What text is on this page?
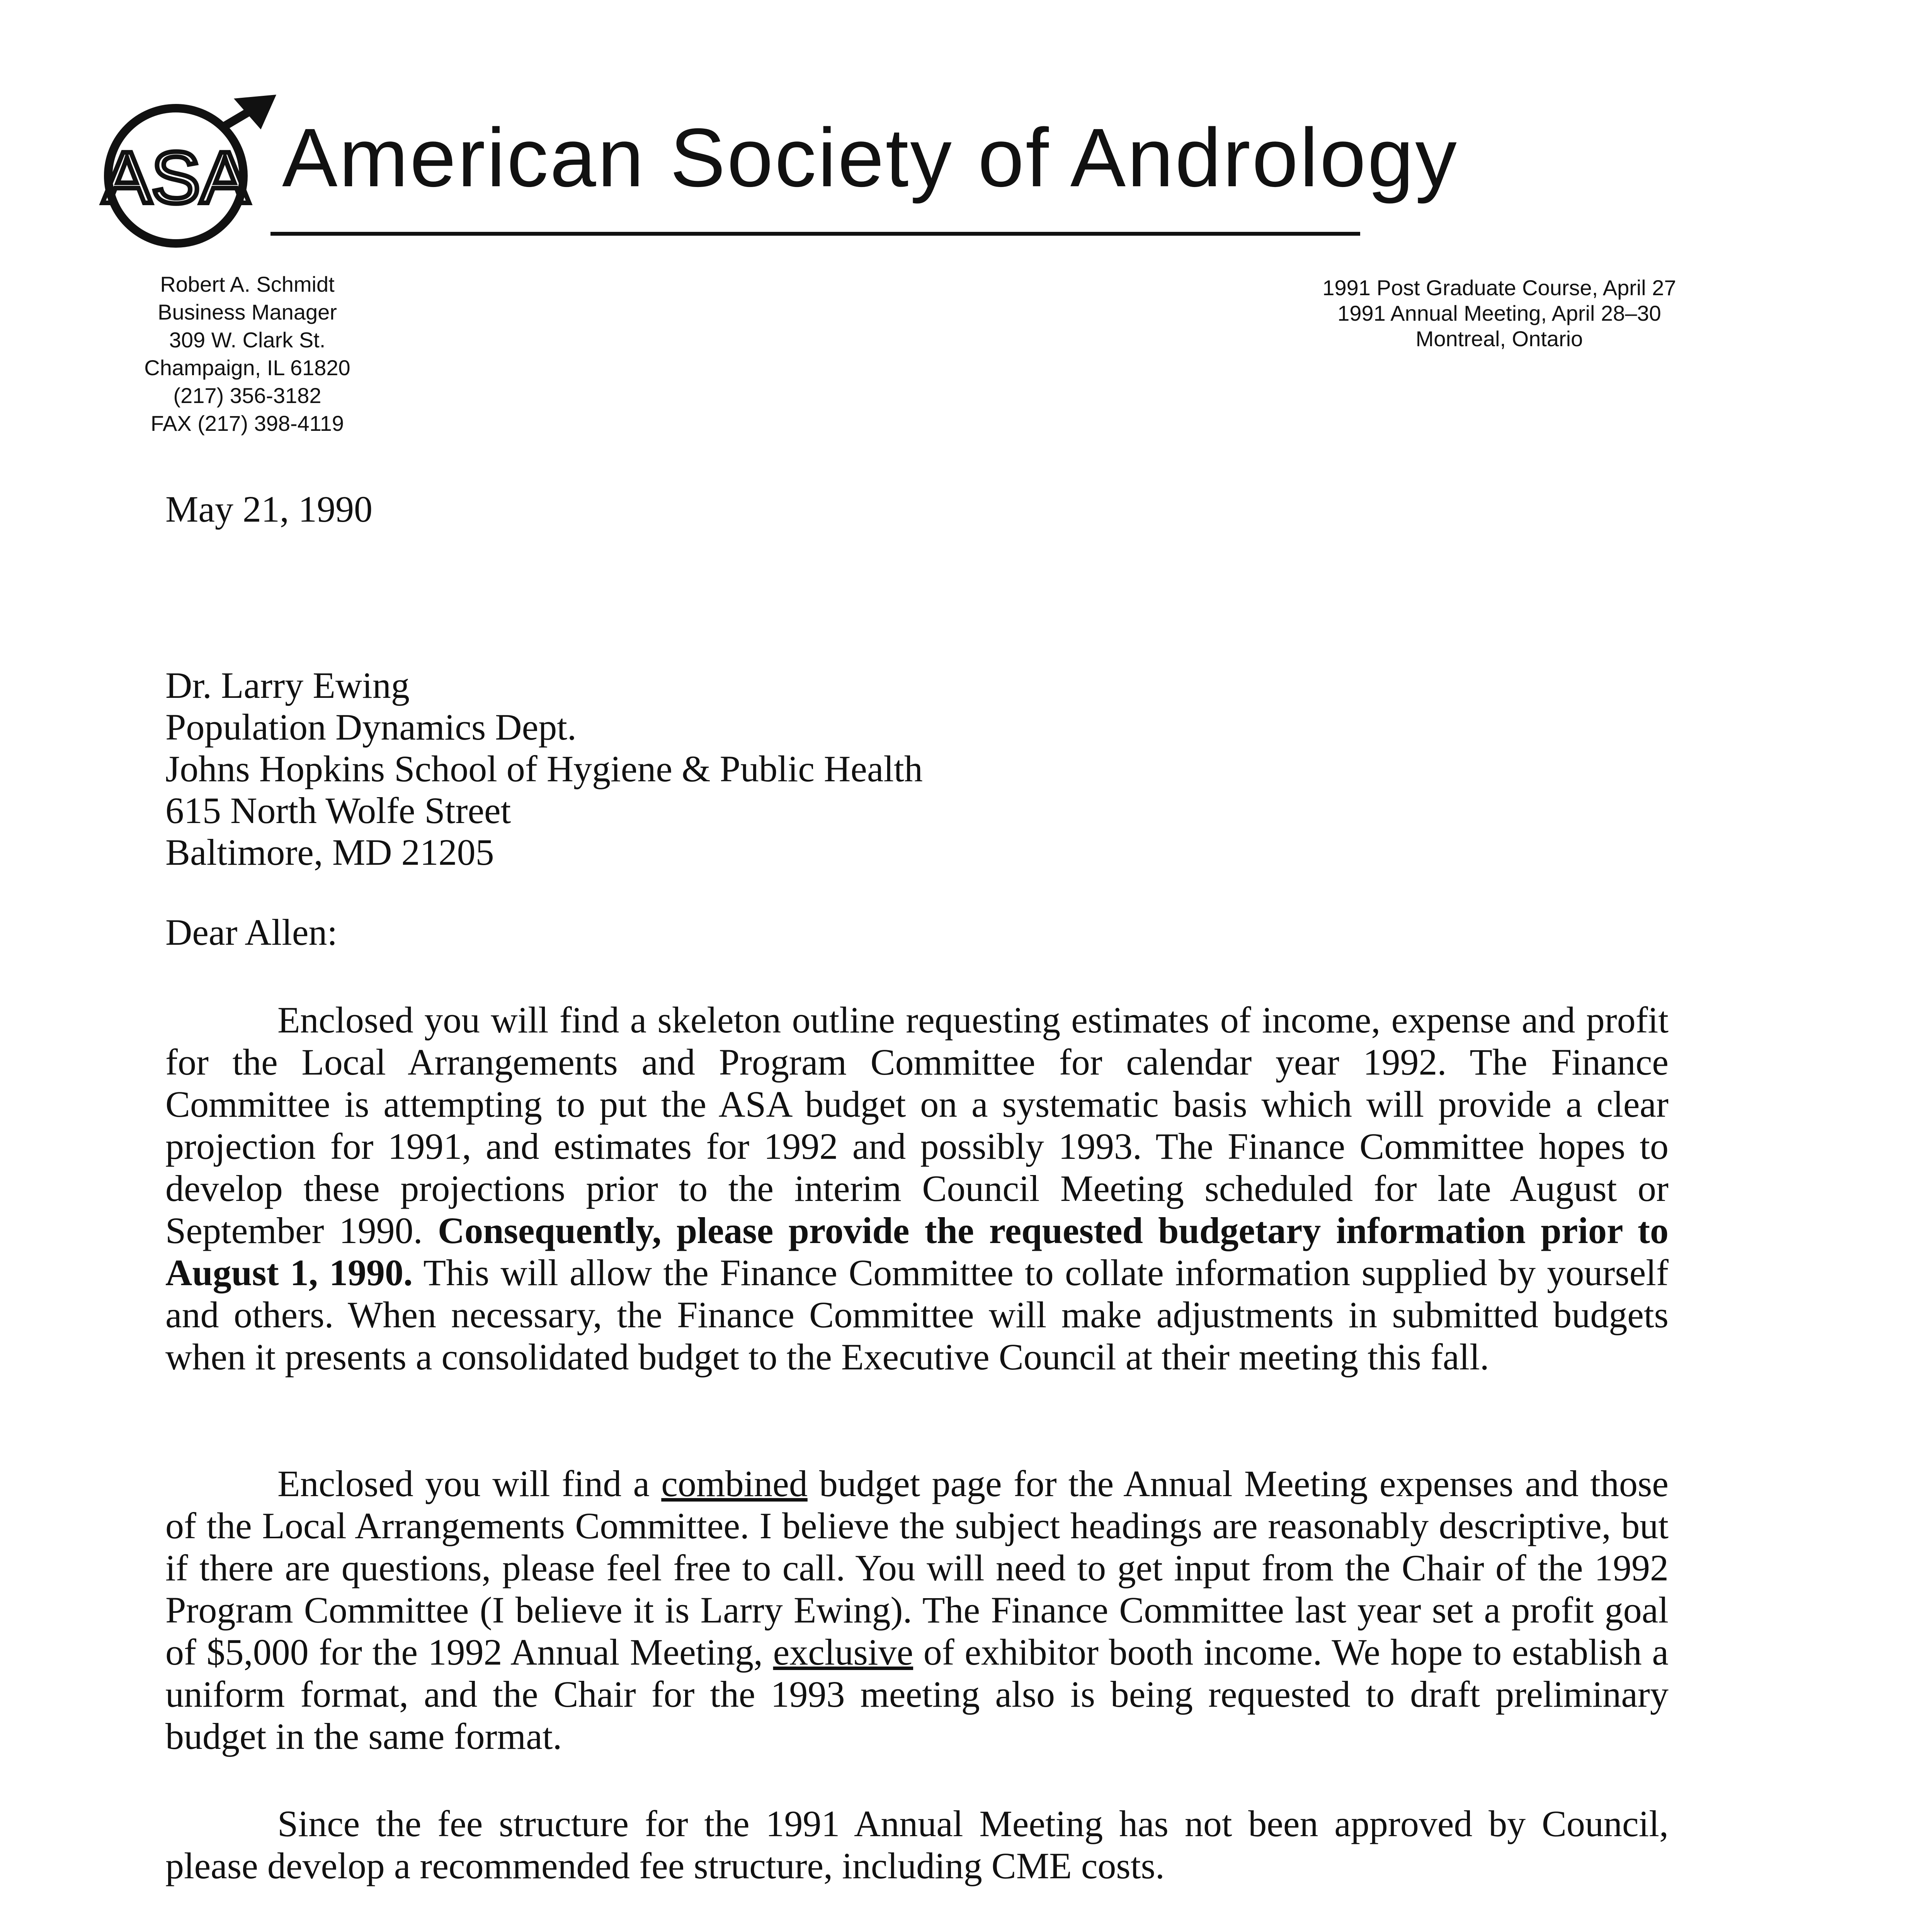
ASA American Society of Andrology
Robert A. Schmidt
Business Manager
309 W. Clark St.
Champaign, IL 61820
(217) 356-3182
FAX (217) 398-4119
1991 Post Graduate Course, April 27
1991 Annual Meeting, April 28–30
Montreal, Ontario
May 21, 1990
Dr. Larry Ewing
Population Dynamics Dept.
Johns Hopkins School of Hygiene & Public Health
615 North Wolfe Street
Baltimore, MD 21205
Dear Allen:

Enclosed you will find a skeleton outline requesting estimates of income, expense and profit for the Local Arrangements and Program Committee for calendar year 1992. The Finance Committee is attempting to put the ASA budget on a systematic basis which will provide a clear projection for 1991, and estimates for 1992 and possibly 1993. The Finance Committee hopes to develop these projections prior to the interim Council Meeting scheduled for late August or September 1990. Consequently, please provide the requested budgetary information prior to August 1, 1990. This will allow the Finance Committee to collate information supplied by yourself and others. When necessary, the Finance Committee will make adjustments in submitted budgets when it presents a consolidated budget to the Executive Council at their meeting this fall.

Enclosed you will find a combined budget page for the Annual Meeting expenses and those of the Local Arrangements Committee. I believe the subject headings are reasonably descriptive, but if there are questions, please feel free to call. You will need to get input from the Chair of the 1992 Program Committee (I believe it is Larry Ewing). The Finance Committee last year set a profit goal of $5,000 for the 1992 Annual Meeting, exclusive of exhibitor booth income. We hope to establish a uniform format, and the Chair for the 1993 meeting also is being requested to draft preliminary budget in the same format.

Since the fee structure for the 1991 Annual Meeting has not been approved by Council, please develop a recommended fee structure, including CME costs.
